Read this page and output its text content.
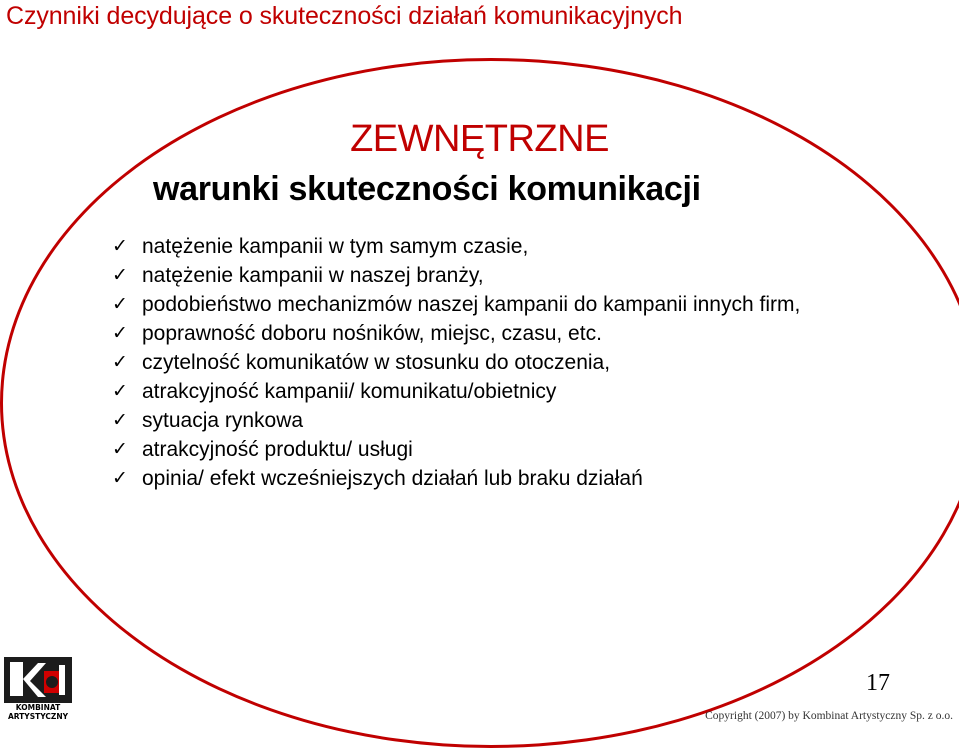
Czynniki decydujące o skuteczności działań komunikacyjnych
ZEWNĘTRZNE
warunki skuteczności komunikacji
✓ natężenie kampanii w tym samym czasie,
✓ natężenie kampanii w naszej branży,
✓ podobieństwo mechanizmów naszej kampanii do kampanii innych firm,
✓ poprawność doboru nośników, miejsc, czasu, etc.
✓ czytelność komunikatów w stosunku do otoczenia,
✓ atrakcyjność kampanii/ komunikatu/obietnicy
✓ sytuacja rynkowa
✓ atrakcyjność produktu/ usługi
✓ opinia/ efekt wcześniejszych działań lub braku działań
KOMBINAT
ARTYSTYCZNY
17
Copyright (2007) by Kombinat Artystyczny Sp. z o.o.
